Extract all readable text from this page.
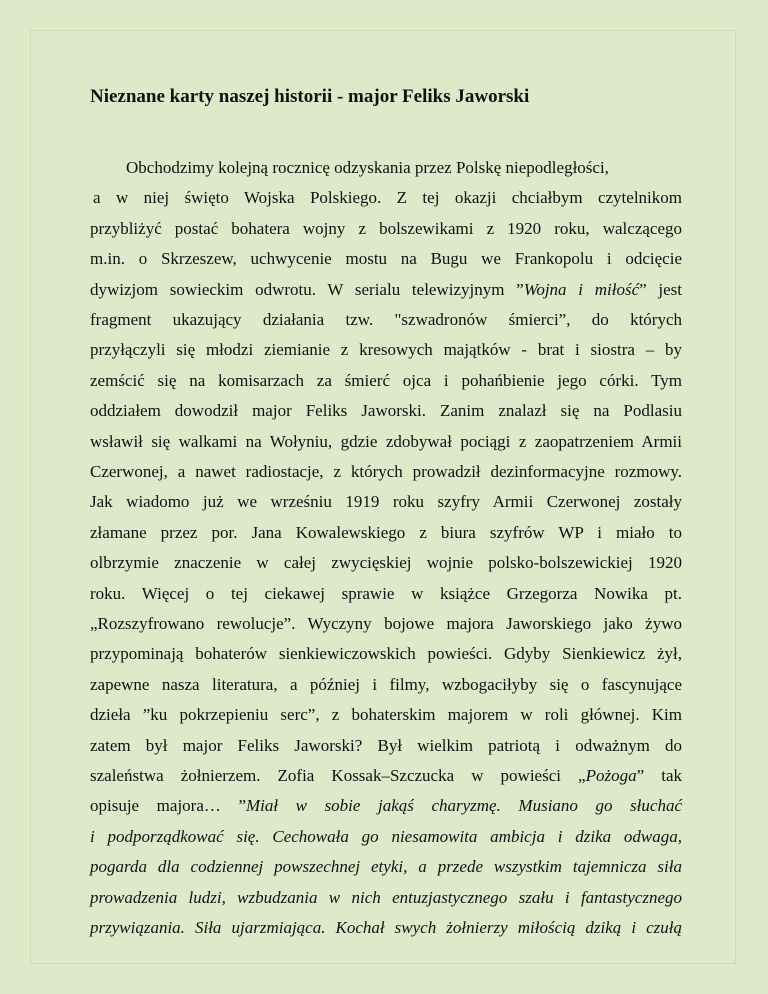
Nieznane karty naszej historii - major Feliks Jaworski
Obchodzimy kolejną rocznicę odzyskania przez Polskę niepodległości,
a w niej święto Wojska Polskiego. Z tej okazji chciałbym czytelnikom
przybliżyć postać bohatera wojny z bolszewikami z 1920 roku, walczącego
m.in. o Skrzeszew, uchwycenie mostu na Bugu we Frankopolu i odcięcie
dywizjom sowieckim odwrotu. W serialu telewizyjnym ”Wojna i miłość” jest
fragment ukazujący działania tzw. "szwadronów śmierci”, do których
przyłączyli się młodzi ziemianie z kresowych majątków - brat i siostra – by
zemścić się na komisarzach za śmierć ojca i pohańbienie jego córki. Tym
oddziałem dowodził major Feliks Jaworski. Zanim znalazł się na Podlasiu
wsławił się walkami na Wołyniu, gdzie zdobywał pociągi z zaopatrzeniem Armii
Czerwonej, a nawet radiostacje, z których prowadził dezinformacyjne rozmowy.
Jak wiadomo już we wrześniu 1919 roku szyfry Armii Czerwonej zostały
złamane przez por. Jana Kowalewskiego z biura szyfrów WP i miało to
olbrzymie znaczenie w całej zwycięskiej wojnie polsko-bolszewickiej 1920
roku. Więcej o tej ciekawej sprawie w książce Grzegorza Nowika pt.
„Rozszyfrowano rewolucje”. Wyczyny bojowe majora Jaworskiego jako żywo
przypominają bohaterów sienkiewiczowskich powieści. Gdyby Sienkiewicz żył,
zapewne nasza literatura, a później i filmy, wzbogaciłyby się o fascynujące
dzieła ”ku pokrzepieniu serc”, z bohaterskim majorem w roli głównej. Kim
zatem był major Feliks Jaworski? Był wielkim patriotą i odważnym do
szaleństwa żołnierzem. Zofia Kossak–Szczucka w powieści „Pożoga” tak
opisuje majora… ”Miał w sobie jakąś charyzmę. Musiano go słuchać
i podporządkować się. Cechowała go niesamowita ambicja i dzika odwaga,
pogarda dla codziennej powszechnej etyki, a przede wszystkim tajemnicza siła
prowadzenia ludzi, wzbudzania w nich entuzjastycznego szału i fantastycznego
przywiązania. Siła ujarzmiająca. Kochał swych żołnierzy miłością dziką i czułą
